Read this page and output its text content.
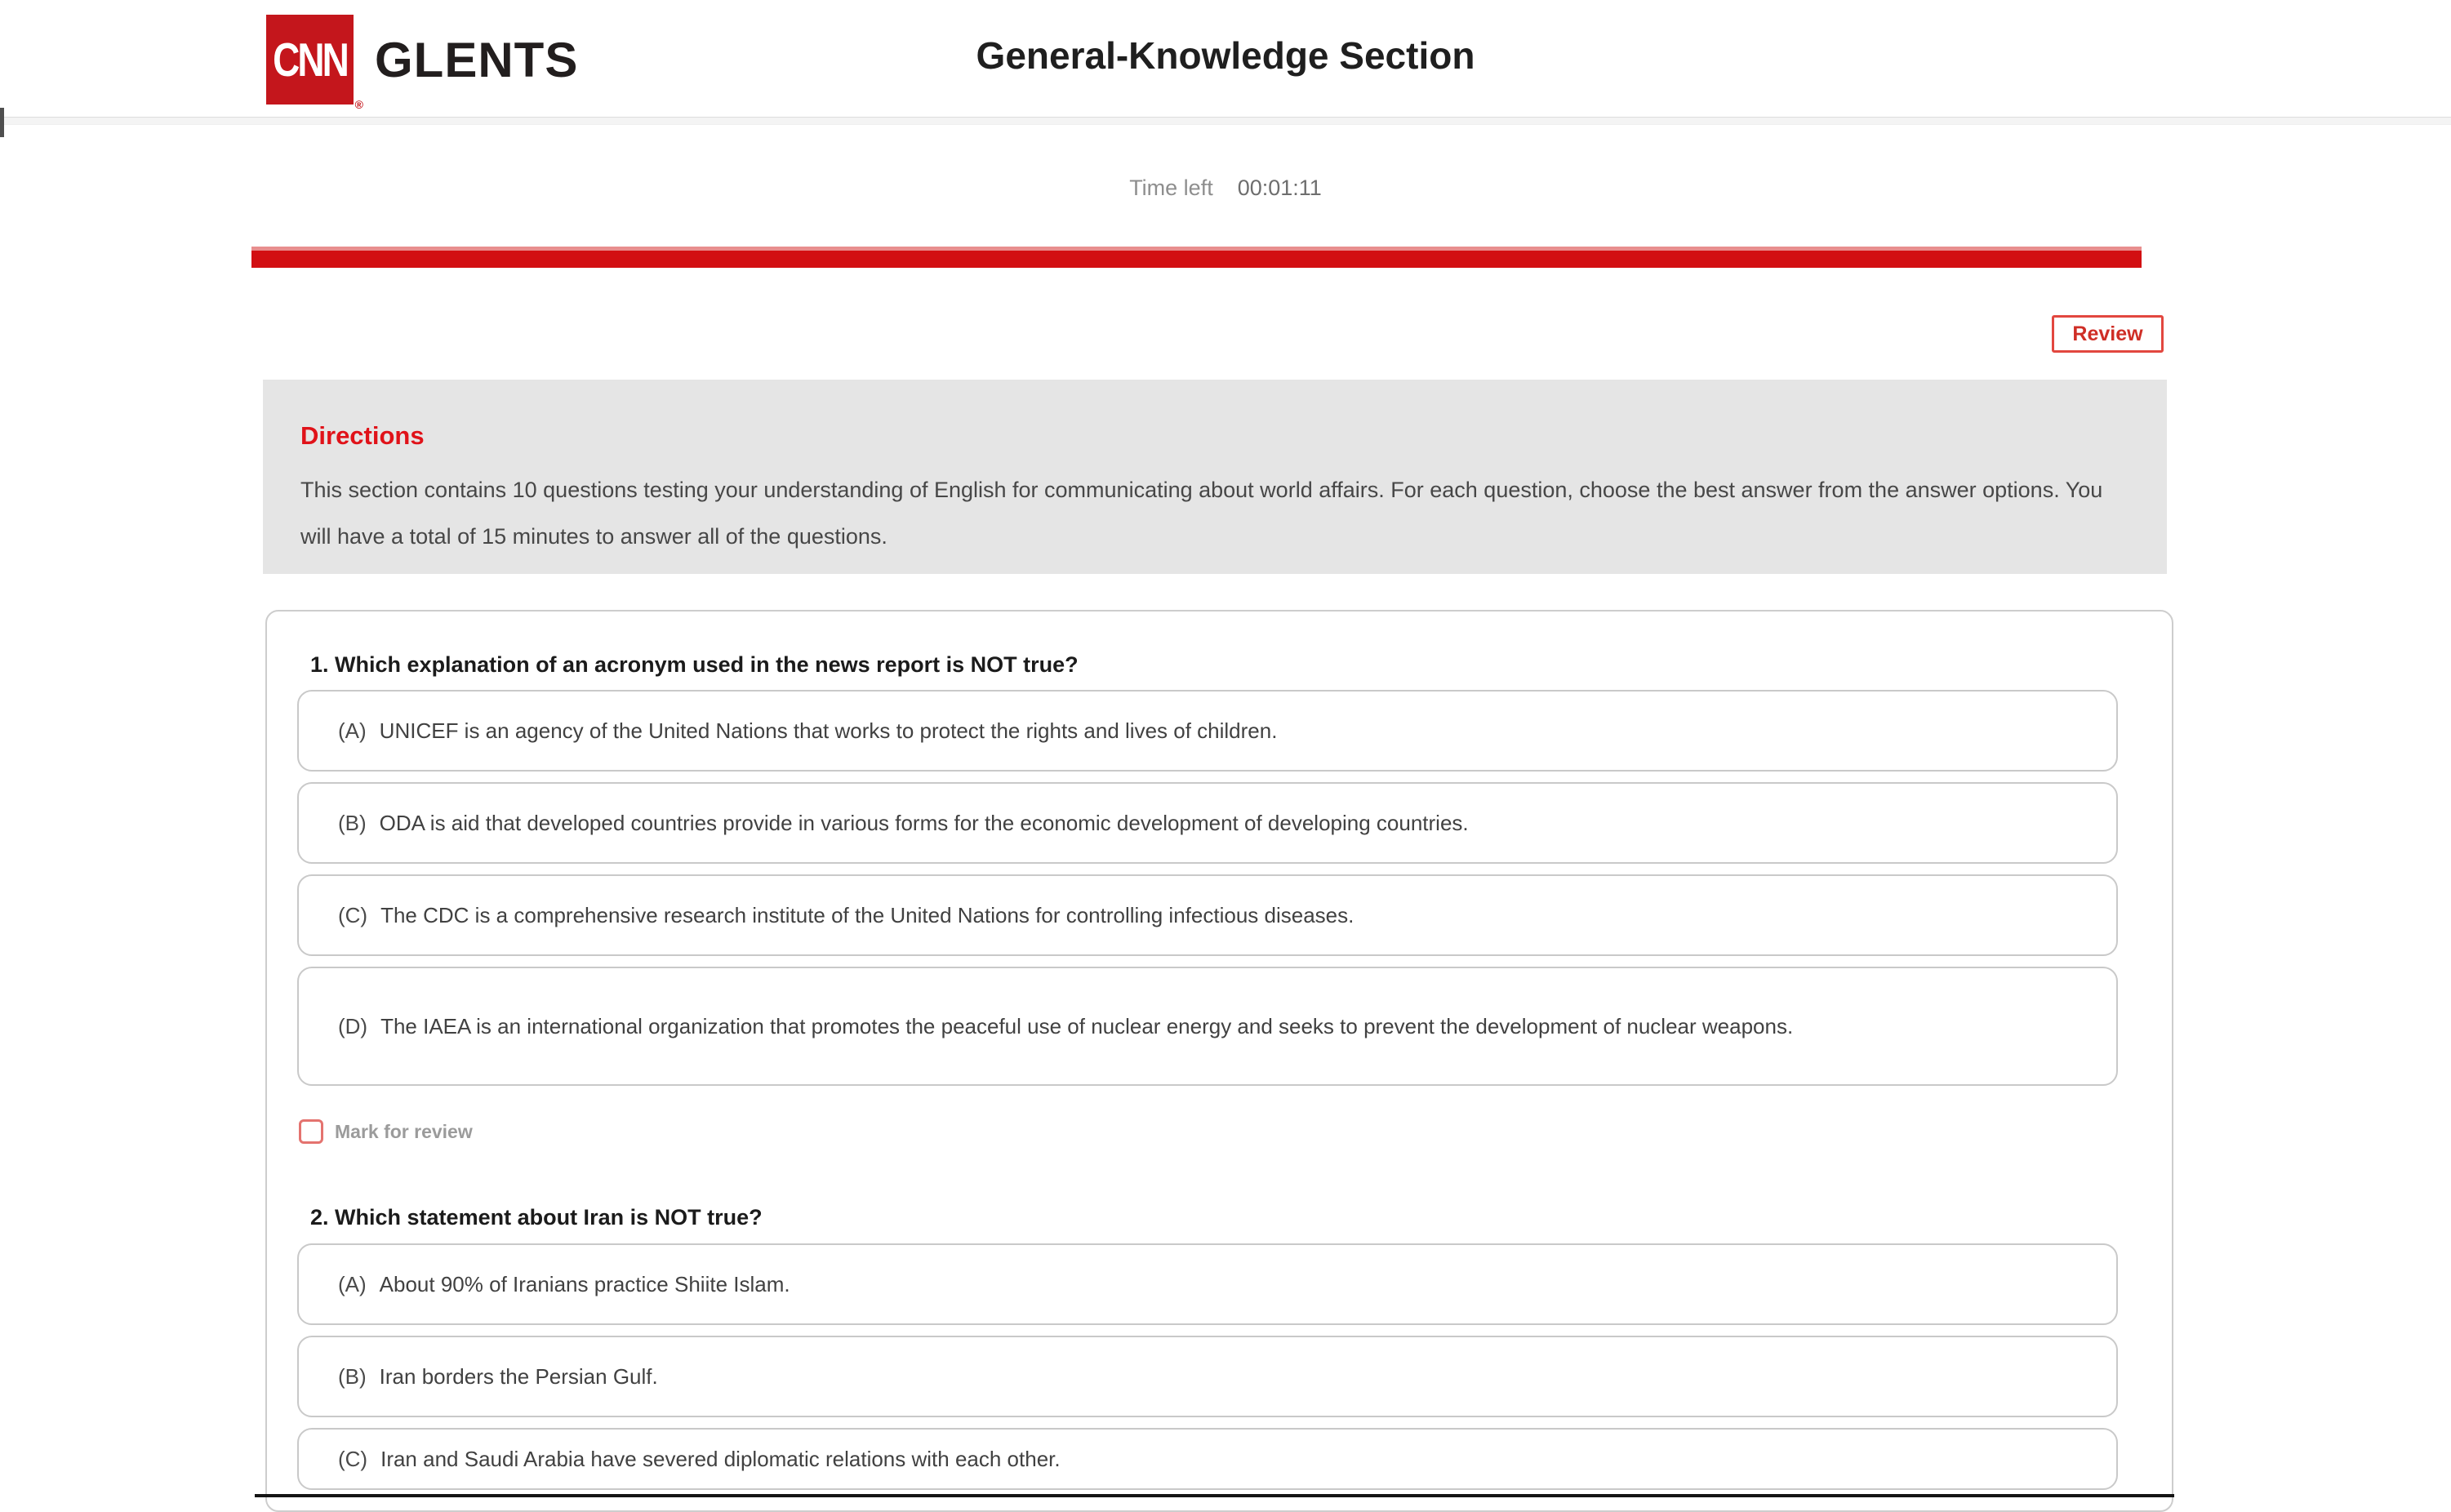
CNN
®
GLENTS	General-Knowledge Section
Time left 00:01:11
Review
Directions

This section contains 10 questions testing your understanding of English for communicating about world affairs. For each question, choose the best answer from the answer options. You will have a total of 15 minutes to answer all of the questions.

1. Which explanation of an acronym used in the news report is NOT true?
(A) UNICEF is an agency of the United Nations that works to protect the rights and lives of children.
(B) ODA is aid that developed countries provide in various forms for the economic development of developing countries.
(C) The CDC is a comprehensive research institute of the United Nations for controlling infectious diseases.
(D) The IAEA is an international organization that promotes the peaceful use of nuclear energy and seeks to prevent the development of nuclear weapons.
Mark for review
2. Which statement about Iran is NOT true?
(A) About 90% of Iranians practice Shiite Islam.
(B) Iran borders the Persian Gulf.
(C) Iran and Saudi Arabia have severed diplomatic relations with each other.
